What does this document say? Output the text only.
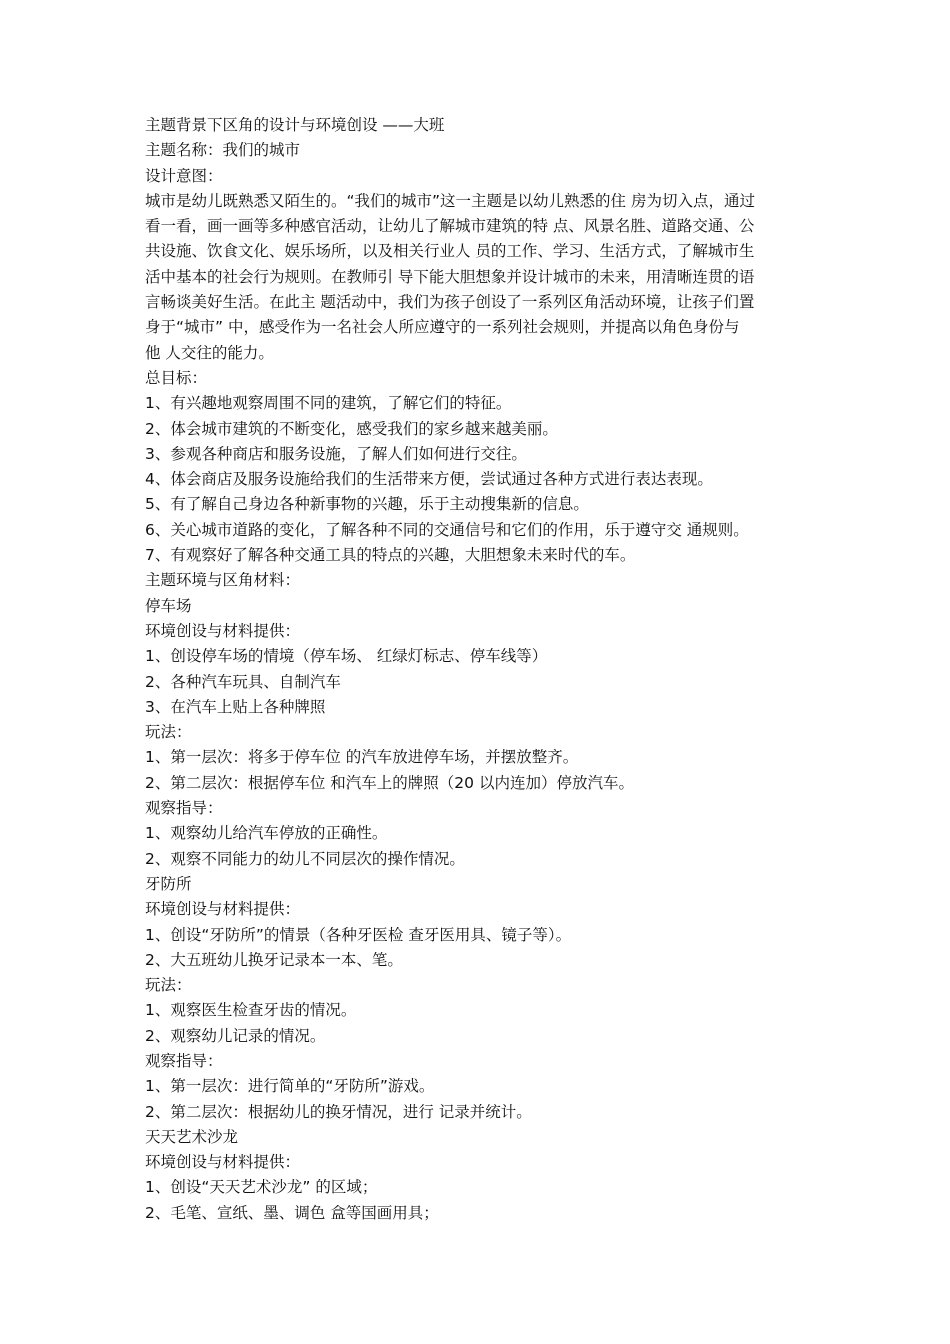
主题背景下区角的设计与环境创设 ——大班
主题名称：我们的城市
设计意图：
城市是幼儿既熟悉又陌生的。“我们的城市”这一主题是以幼儿熟悉的住 房为切入点，通过
看一看，画一画等多种感官活动，让幼儿了解城市建筑的特 点、风景名胜、道路交通、公
共设施、饮食文化、娱乐场所，以及相关行业人 员的工作、学习、生活方式，了解城市生
活中基本的社会行为规则。在教师引 导下能大胆想象并设计城市的未来，用清晰连贯的语
言畅谈美好生活。在此主 题活动中，我们为孩子创设了一系列区角活动环境，让孩子们置
身于“城市” 中，感受作为一名社会人所应遵守的一系列社会规则，并提高以角色身份与
他 人交往的能力。
总目标：
1、有兴趣地观察周围不同的建筑，了解它们的特征。
2、体会城市建筑的不断变化，感受我们的家乡越来越美丽。
3、参观各种商店和服务设施，了解人们如何进行交往。
4、体会商店及服务设施给我们的生活带来方便，尝试通过各种方式进行表达表现。
5、有了解自己身边各种新事物的兴趣，乐于主动搜集新的信息。
6、关心城市道路的变化，了解各种不同的交通信号和它们的作用，乐于遵守交 通规则。
7、有观察好了解各种交通工具的特点的兴趣，大胆想象未来时代的车。
主题环境与区角材料：
停车场
环境创设与材料提供：
1、创设停车场的情境（停车场、 红绿灯标志、停车线等）
2、各种汽车玩具、自制汽车
3、在汽车上贴上各种牌照
玩法：
1、第一层次：将多于停车位 的汽车放进停车场，并摆放整齐。
2、第二层次：根据停车位 和汽车上的牌照（20 以内连加）停放汽车。
观察指导：
1、观察幼儿给汽车停放的正确性。
2、观察不同能力的幼儿不同层次的操作情况。
牙防所
环境创设与材料提供：
1、创设“牙防所”的情景（各种牙医检 查牙医用具、镜子等）。
2、大五班幼儿换牙记录本一本、笔。
玩法：
1、观察医生检查牙齿的情况。
2、观察幼儿记录的情况。
观察指导：
1、第一层次：进行简单的“牙防所”游戏。
2、第二层次：根据幼儿的换牙情况，进行 记录并统计。
天天艺术沙龙
环境创设与材料提供：
1、创设“天天艺术沙龙” 的区域；
2、毛笔、宣纸、墨、调色 盒等国画用具；
